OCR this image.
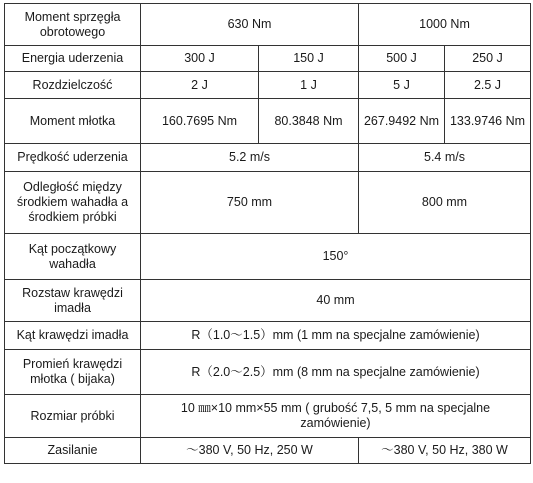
Moment sprzęgła obrotowego	630 Nm		1000 Nm	
Energia uderzenia	300 J	150 J	500 J	250 J
Rozdzielczość	2 J	1 J	5 J	2.5 J
Moment młotka	160.7695 Nm	80.3848 Nm	267.9492 Nm	133.9746 Nm
Prędkość uderzenia	5.2 m/s		5.4 m/s	
Odległość między środkiem wahadła a środkiem próbki	750 mm		800 mm	
Kąt początkowy wahadła	150°			
Rozstaw krawędzi imadła	40 mm			
Kąt krawędzi imadła	R（1.0～1.5）mm (1 mm na specjalne zamówienie)			
Promień krawędzi młotka ( bijaka)	R（2.0～2.5）mm (8 mm na specjalne zamówienie)			
Rozmiar próbki	10 ㎜×10 mm×55 mm ( grubość 7,5, 5 mm na specjalne zamówienie)			
Zasilanie	～380 V, 50 Hz, 250 W		～380 V, 50 Hz, 380 W	
